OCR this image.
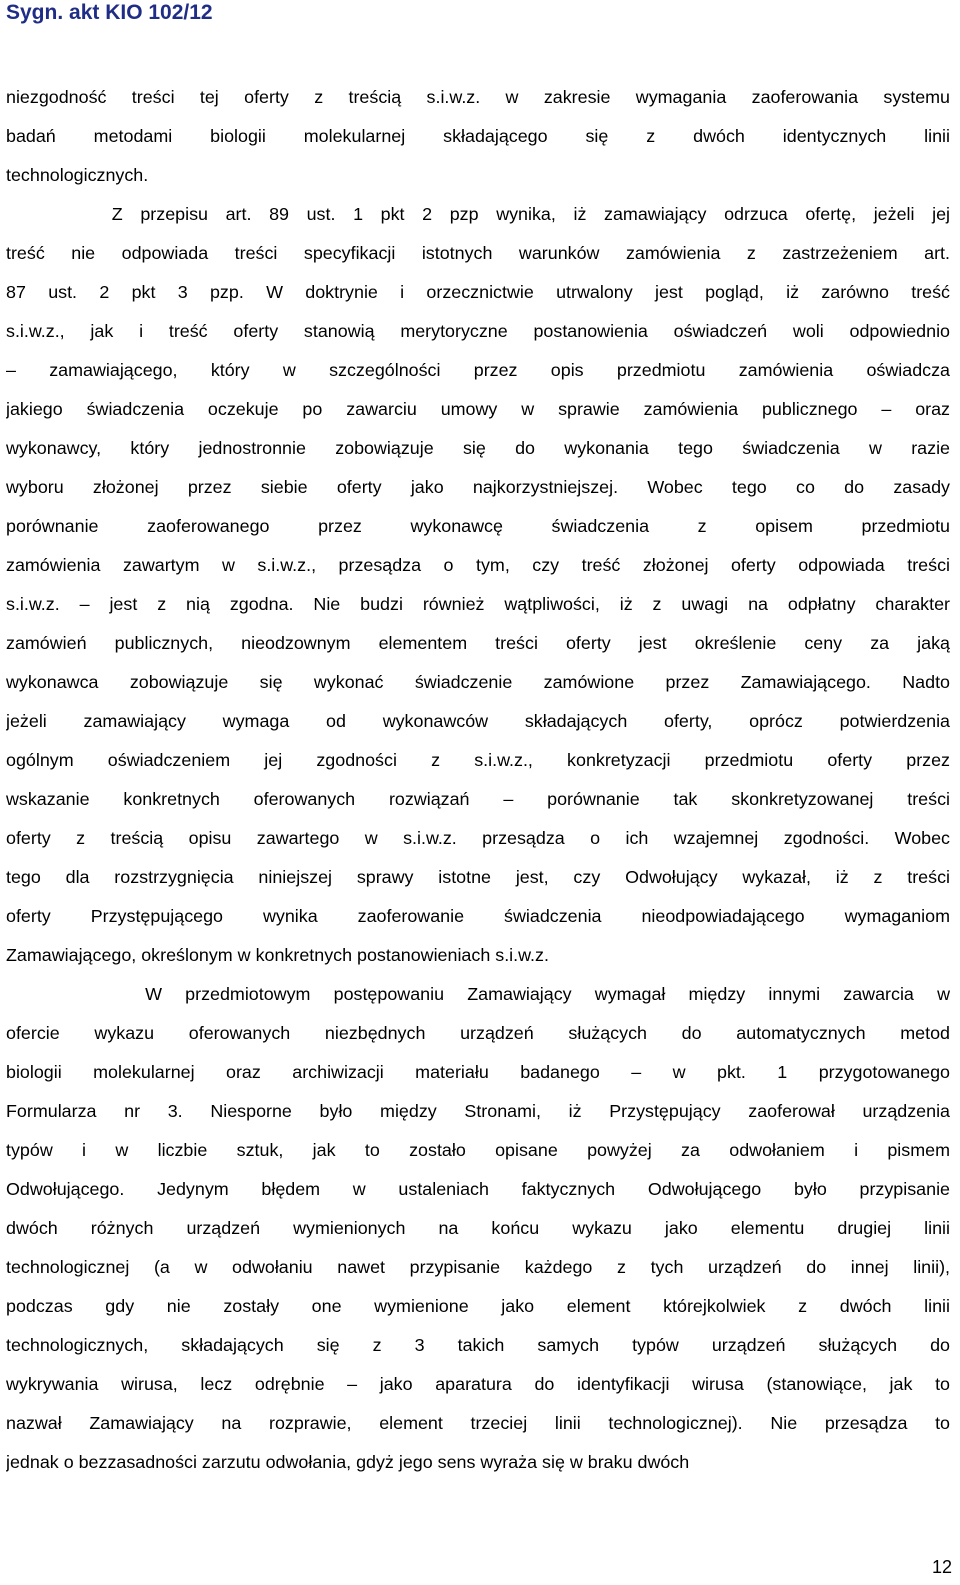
Sygn. akt KIO 102/12
niezgodność treści tej oferty z treścią s.i.w.z. w zakresie wymagania zaoferowania systemu
badań metodami biologii molekularnej składającego się z dwóch identycznych linii
technologicznych.
Z przepisu art. 89 ust. 1 pkt 2 pzp wynika, iż zamawiający odrzuca ofertę, jeżeli jej
treść nie odpowiada treści specyfikacji istotnych warunków zamówienia z zastrzeżeniem art.
87 ust. 2 pkt 3 pzp. W doktrynie i orzecznictwie utrwalony jest pogląd, iż zarówno treść
s.i.w.z., jak i treść oferty stanowią merytoryczne postanowienia oświadczeń woli odpowiednio
– zamawiającego, który w szczególności przez opis przedmiotu zamówienia oświadcza
jakiego świadczenia oczekuje po zawarciu umowy w sprawie zamówienia publicznego – oraz
wykonawcy, który jednostronnie zobowiązuje się do wykonania tego świadczenia w razie
wyboru złożonej przez siebie oferty jako najkorzystniejszej. Wobec tego co do zasady
porównanie zaoferowanego przez wykonawcę świadczenia z opisem przedmiotu
zamówienia zawartym w s.i.w.z., przesądza o tym, czy treść złożonej oferty odpowiada treści
s.i.w.z. – jest z nią zgodna. Nie budzi również wątpliwości, iż z uwagi na odpłatny charakter
zamówień publicznych, nieodzownym elementem treści oferty jest określenie ceny za jaką
wykonawca zobowiązuje się wykonać świadczenie zamówione przez Zamawiającego. Nadto
jeżeli zamawiający wymaga od wykonawców składających oferty, oprócz potwierdzenia
ogólnym oświadczeniem jej zgodności z s.i.w.z., konkretyzacji przedmiotu oferty przez
wskazanie konkretnych oferowanych rozwiązań – porównanie tak skonkretyzowanej treści
oferty z treścią opisu zawartego w s.i.w.z. przesądza o ich wzajemnej zgodności. Wobec
tego dla rozstrzygnięcia niniejszej sprawy istotne jest, czy Odwołujący wykazał, iż z treści
oferty Przystępującego wynika zaoferowanie świadczenia nieodpowiadającego wymaganiom
Zamawiającego, określonym w konkretnych postanowieniach s.i.w.z.
W przedmiotowym postępowaniu Zamawiający wymagał między innymi zawarcia w
ofercie wykazu oferowanych niezbędnych urządzeń służących do automatycznych metod
biologii molekularnej oraz archiwizacji materiału badanego – w pkt. 1 przygotowanego
Formularza nr 3. Niesporne było między Stronami, iż Przystępujący zaoferował urządzenia
typów i w liczbie sztuk, jak to zostało opisane powyżej za odwołaniem i pismem
Odwołującego. Jedynym błędem w ustaleniach faktycznych Odwołującego było przypisanie
dwóch różnych urządzeń wymienionych na końcu wykazu jako elementu drugiej linii
technologicznej (a w odwołaniu nawet przypisanie każdego z tych urządzeń do innej linii),
podczas gdy nie zostały one wymienione jako element którejkolwiek z dwóch linii
technologicznych, składających się z 3 takich samych typów urządzeń służących do
wykrywania wirusa, lecz odrębnie – jako aparatura do identyfikacji wirusa (stanowiące, jak to
nazwał Zamawiający na rozprawie, element trzeciej linii technologicznej). Nie przesądza to
jednak o bezzasadności zarzutu odwołania, gdyż jego sens wyraża się w braku dwóch
12
